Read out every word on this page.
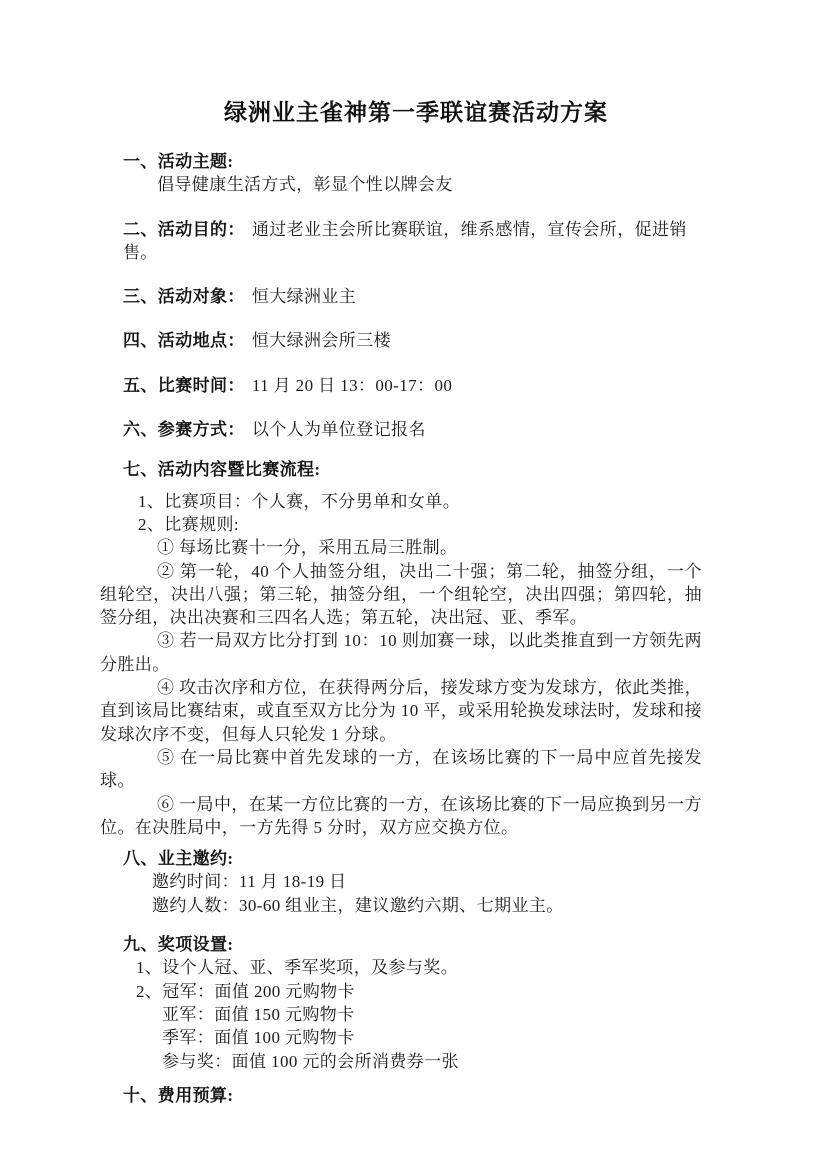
绿洲业主雀神第一季联谊赛活动方案

一、活动主题:

倡导健康生活方式，彰显个性以牌会友

二、活动目的： 通过老业主会所比赛联谊，维系感情，宣传会所，促进销售。

三、活动对象： 恒大绿洲业主

四、活动地点： 恒大绿洲会所三楼

五、比赛时间： 11 月 20 日 13：00-17：00

六、参赛方式： 以个人为单位登记报名

七、活动内容暨比赛流程:

1、比赛项目：个人赛，不分男单和女单。

2、比赛规则:

① 每场比赛十一分，采用五局三胜制。

② 第一轮，40 个人抽签分组，决出二十强；第二轮，抽签分组，一个组轮空，决出八强；第三轮，抽签分组，一个组轮空，决出四强；第四轮，抽签分组，决出决赛和三四名人选；第五轮，决出冠、亚、季军。

③ 若一局双方比分打到 10：10 则加赛一球，以此类推直到一方领先两分胜出。

④ 攻击次序和方位，在获得两分后，接发球方变为发球方，依此类推，直到该局比赛结束，或直至双方比分为 10 平，或采用轮换发球法时，发球和接发球次序不变，但每人只轮发 1 分球。

⑤ 在一局比赛中首先发球的一方，在该场比赛的下一局中应首先接发球。

⑥ 一局中，在某一方位比赛的一方，在该场比赛的下一局应换到另一方位。在决胜局中，一方先得 5 分时，双方应交换方位。

八、业主邀约:

邀约时间：11 月 18-19 日

邀约人数：30-60 组业主，建议邀约六期、七期业主。

九、奖项设置:

1、设个人冠、亚、季军奖项，及参与奖。

2、冠军：面值 200 元购物卡

亚军：面值 150 元购物卡

季军：面值 100 元购物卡

参与奖：面值 100 元的会所消费券一张

十、费用预算:
